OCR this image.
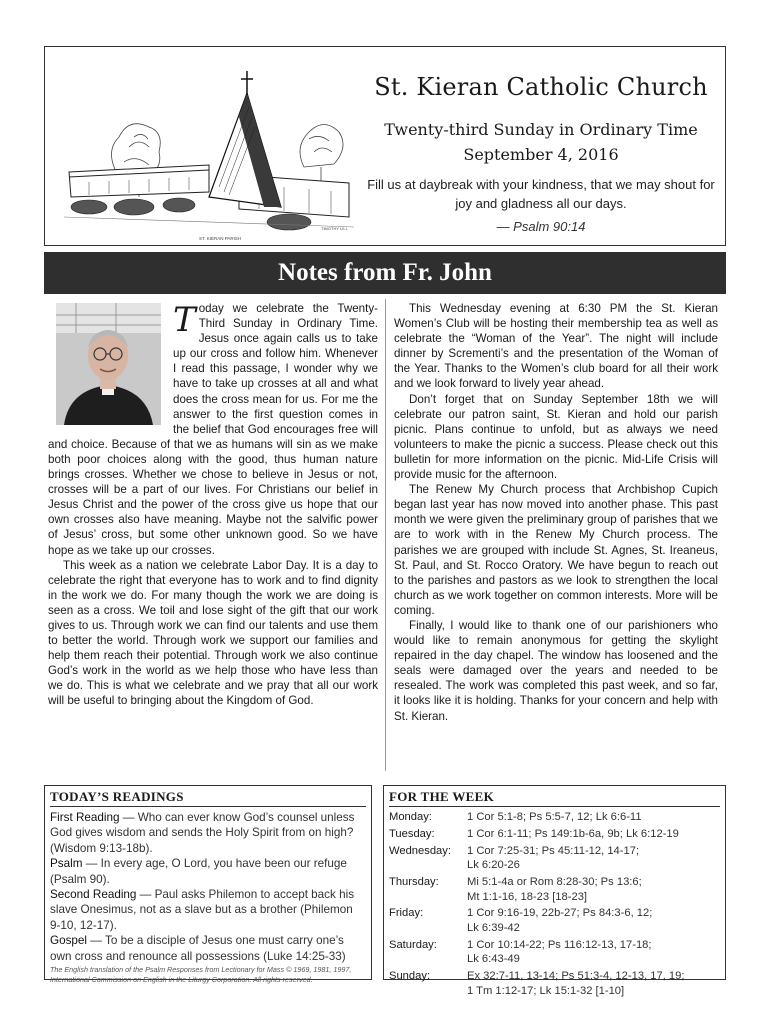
ST. KIERAN PARISH
TIMOTHY LILL
St. Kieran Catholic Church
Twenty-third Sunday in Ordinary Time
September 4, 2016
Fill us at daybreak with your kindness, that we may shout for joy and gladness all our days.
— Psalm 90:14
Notes from Fr. John
T oday we celebrate the Twenty-Third Sunday in Ordinary Time. Jesus once again calls us to take up our cross and follow him. Whenever I read this passage, I wonder why we have to take up crosses at all and what does the cross mean for us. For me the answer to the first question comes in the belief that God encourages free will and choice. Because of that we as humans will sin as we make both poor choices along with the good, thus human nature brings crosses. Whether we chose to believe in Jesus or not, crosses will be a part of our lives. For Christians our belief in Jesus Christ and the power of the cross give us hope that our own crosses also have meaning. Maybe not the salvific power of Jesus’ cross, but some other unknown good. So we have hope as we take up our crosses.

This week as a nation we celebrate Labor Day. It is a day to celebrate the right that everyone has to work and to find dignity in the work we do. For many though the work we are doing is seen as a cross. We toil and lose sight of the gift that our work gives to us. Through work we can find our talents and use them to better the world. Through work we support our families and help them reach their potential. Through work we also continue God’s work in the world as we help those who have less than we do. This is what we celebrate and we pray that all our work will be useful to bringing about the Kingdom of God.

This Wednesday evening at 6:30 PM the St. Kieran Women’s Club will be hosting their membership tea as well as celebrate the “Woman of the Year”. The night will include dinner by Scrementi’s and the presentation of the Woman of the Year. Thanks to the Women’s club board for all their work and we look forward to lively year ahead.

Don’t forget that on Sunday September 18th we will celebrate our patron saint, St. Kieran and hold our parish picnic. Plans continue to unfold, but as always we need volunteers to make the picnic a success. Please check out this bulletin for more information on the picnic. Mid-Life Crisis will provide music for the afternoon.

The Renew My Church process that Archbishop Cupich began last year has now moved into another phase. This past month we were given the preliminary group of parishes that we are to work with in the Renew My Church process. The parishes we are grouped with include St. Agnes, St. Ireaneus, St. Paul, and St. Rocco Oratory. We have begun to reach out to the parishes and pastors as we look to strengthen the local church as we work together on common interests. More will be coming.

Finally, I would like to thank one of our parishioners who would like to remain anonymous for getting the skylight repaired in the day chapel. The window has loosened and the seals were damaged over the years and needed to be resealed. The work was completed this past week, and so far, it looks like it is holding. Thanks for your concern and help with St. Kieran.

TODAY’S READINGS
First Reading — Who can ever know God’s counsel unless God gives wisdom and sends the Holy Spirit from on high? (Wisdom 9:13-18b).
Psalm — In every age, O Lord, you have been our refuge (Psalm 90).
Second Reading — Paul asks Philemon to accept back his slave Onesimus, not as a slave but as a brother (Philemon 9-10, 12-17).
Gospel — To be a disciple of Jesus one must carry one’s own cross and renounce all possessions (Luke 14:25-33)
The English translation of the Psalm Responses from Lectionary for Mass © 1969, 1981, 1997, International Commission on English in the Liturgy Corporation. All rights reserved.
FOR THE WEEK
Monday:	1 Cor 5:1-8; Ps 5:5-7, 12; Lk 6:6-11
Tuesday:	1 Cor 6:1-11; Ps 149:1b-6a, 9b; Lk 6:12-19
Wednesday:	1 Cor 7:25-31; Ps 45:11-12, 14-17;
Lk 6:20-26
Thursday:	Mi 5:1-4a or Rom 8:28-30; Ps 13:6;
Mt 1:1-16, 18-23 [18-23]
Friday:	1 Cor 9:16-19, 22b-27; Ps 84:3-6, 12;
Lk 6:39-42
Saturday:	1 Cor 10:14-22; Ps 116:12-13, 17-18;
Lk 6:43-49
Sunday:	Ex 32:7-11, 13-14; Ps 51:3-4, 12-13, 17, 19;
1 Tm 1:12-17; Lk 15:1-32 [1-10]
